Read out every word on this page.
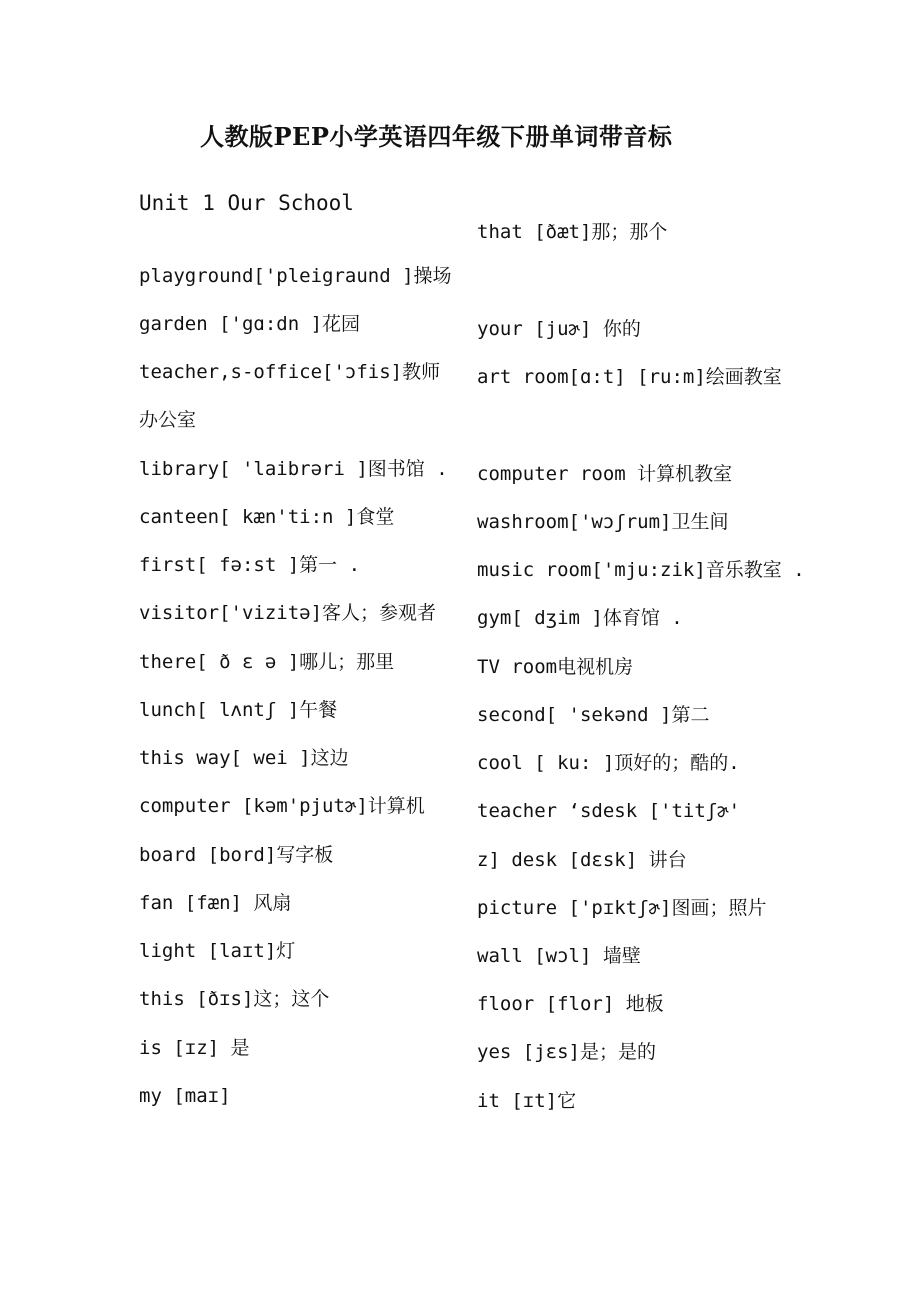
人教版PEP小学英语四年级下册单词带音标
Unit 1 Our School
playground['pleigraund ]操场
garden ['gɑ:dn ]花园
teacher,s-office['ɔfis]教师
办公室
library[ 'laibrəri ]图书馆 .
canteen[ kæn'ti:n ]食堂
first[ fə:st ]第一 .
visitor['vizitə]客人；参观者
there[ ð ɛ ə ]哪儿；那里
lunch[ lʌntʃ ]午餐
this way[ wei ]这边
computer [kəm'pjutɚ]计算机
board [bord]写字板
fan [fæn] 风扇
light [laɪt]灯
this [ðɪs]这；这个
is [ɪz] 是
my [maɪ]
that [ðæt]那；那个
your [juɚ] 你的
art room[ɑ:t] [ru:m]绘画教室
computer room 计算机教室
washroom['wɔʃrum]卫生间
music room['mju:zik]音乐教室 .
gym[ dʒim ]体育馆 .
TV room电视机房
second[ 'sekənd ]第二
cool [ ku: ]顶好的；酷的.
teacher ‘sdesk ['titʃɚ'
z] desk [dɛsk] 讲台
picture ['pɪktʃɚ]图画；照片
wall [wɔl] 墙壁
floor [flor] 地板
yes [jɛs]是；是的
it [ɪt]它
